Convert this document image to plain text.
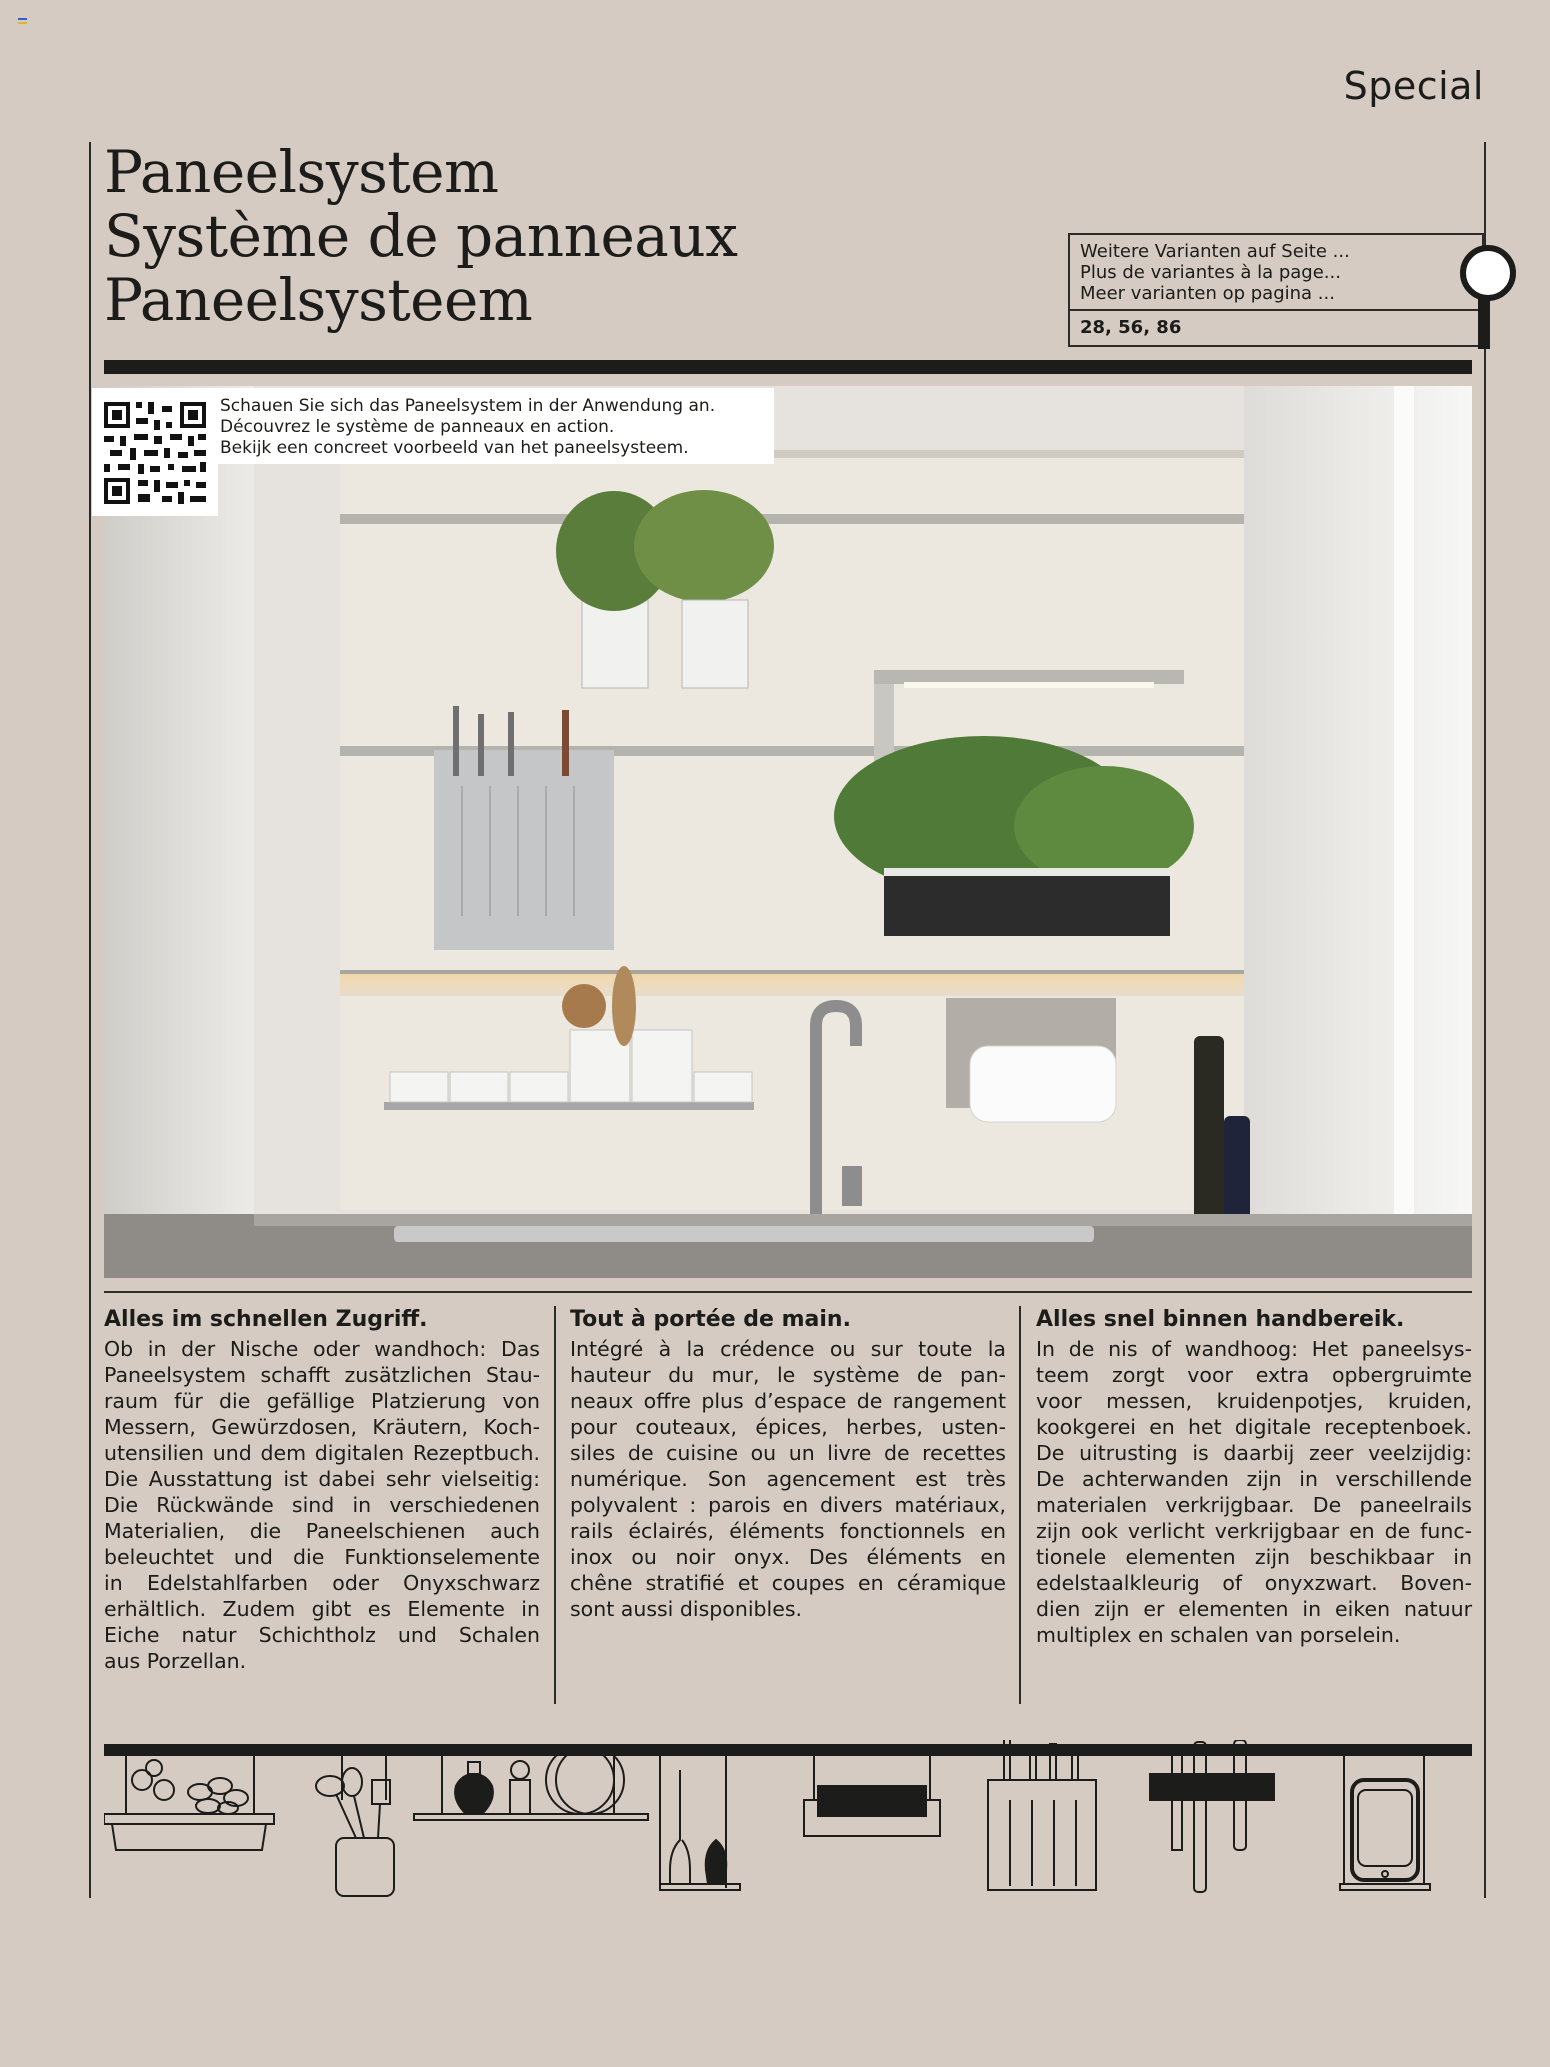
Special
Paneelsystem
Système de panneaux
Paneelsysteem
Weitere Varianten auf Seite ...
Plus de variantes à la page...
Meer varianten op pagina ...
28, 56, 86
Schauen Sie sich das Paneelsystem in der Anwendung an.
Découvrez le système de panneaux en action.
Bekijk een concreet voorbeeld van het paneelsysteem.
Alles im schnellen Zugriff.

Ob in der Nische oder wandhoch: Das
Paneelsystem schafft zusätzlichen Stau-
raum für die gefällige Platzierung von
Messern, Gewürzdosen, Kräutern, Koch-
utensilien und dem digitalen Rezeptbuch.
Die Ausstattung ist dabei sehr vielseitig:
Die Rückwände sind in verschiedenen
Materialien, die Paneelschienen auch
beleuchtet und die Funktionselemente
in Edelstahlfarben oder Onyxschwarz
erhältlich. Zudem gibt es Elemente in
Eiche natur Schichtholz und Schalen
aus Porzellan.

Tout à portée de main.

Intégré à la crédence ou sur toute la
hauteur du mur, le système de pan-
neaux offre plus d’espace de rangement
pour couteaux, épices, herbes, usten-
siles de cuisine ou un livre de recettes
numérique. Son agencement est très
polyvalent : parois en divers matériaux,
rails éclairés, éléments fonctionnels en
inox ou noir onyx. Des éléments en
chêne stratifié et coupes en céramique
sont aussi disponibles.

Alles snel binnen handbereik.

In de nis of wandhoog: Het paneelsys-
teem zorgt voor extra opbergruimte
voor messen, kruidenpotjes, kruiden,
kookgerei en het digitale receptenboek.
De uitrusting is daarbij zeer veelzijdig:
De achterwanden zijn in verschillende
materialen verkrijgbaar. De paneelrails
zijn ook verlicht verkrijgbaar en de func-
tionele elementen zijn beschikbaar in
edelstaalkleurig of onyxzwart. Boven-
dien zijn er elementen in eiken natuur
multiplex en schalen van porselein.
